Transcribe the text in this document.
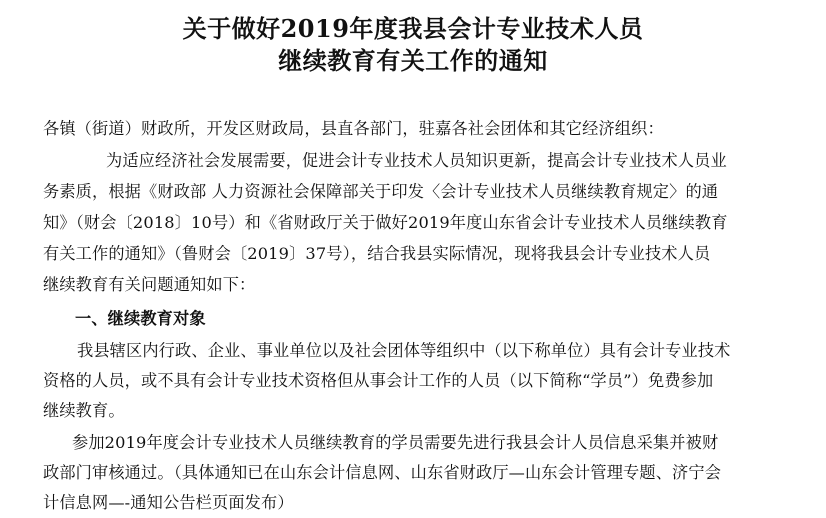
关于做好2019年度我县会计专业技术人员
继续教育有关工作的通知
各镇（街道）财政所，开发区财政局，县直各部门，驻嘉各社会团体和其它经济组织：
为适应经济社会发展需要，促进会计专业技术人员知识更新，提高会计专业技术人员业
务素质，根据《财政部 人力资源社会保障部关于印发〈会计专业技术人员继续教育规定〉的通
知》（财会〔2018〕10号）和《省财政厅关于做好2019年度山东省会计专业技术人员继续教育
有关工作的通知》（鲁财会〔2019〕37号），结合我县实际情况，现将我县会计专业技术人员
继续教育有关问题通知如下：
一、继续教育对象
我县辖区内行政、企业、事业单位以及社会团体等组织中（以下称单位）具有会计专业技术
资格的人员，或不具有会计专业技术资格但从事会计工作的人员（以下简称“学员”）免费参加
继续教育。
参加2019年度会计专业技术人员继续教育的学员需要先进行我县会计人员信息采集并被财
政部门审核通过。（具体通知已在山东会计信息网、山东省财政厅—山东会计管理专题、济宁会
计信息网—-通知公告栏页面发布）
